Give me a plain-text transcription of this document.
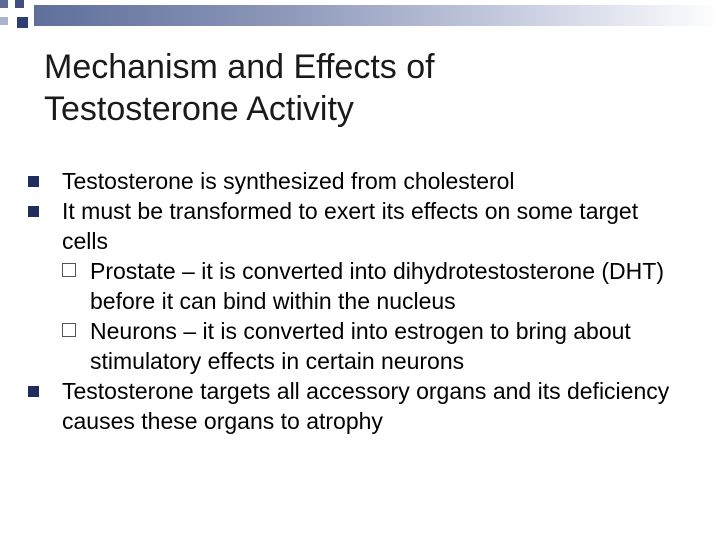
Mechanism and Effects of
Testosterone Activity

Testosterone is synthesized from cholesterol

It must be transformed to exert its effects on some target cells

Prostate – it is converted into dihydrotestosterone (DHT) before it can bind within the nucleus

Neurons – it is converted into estrogen to bring about stimulatory effects in certain neurons

Testosterone targets all accessory organs and its deficiency causes these organs to atrophy
